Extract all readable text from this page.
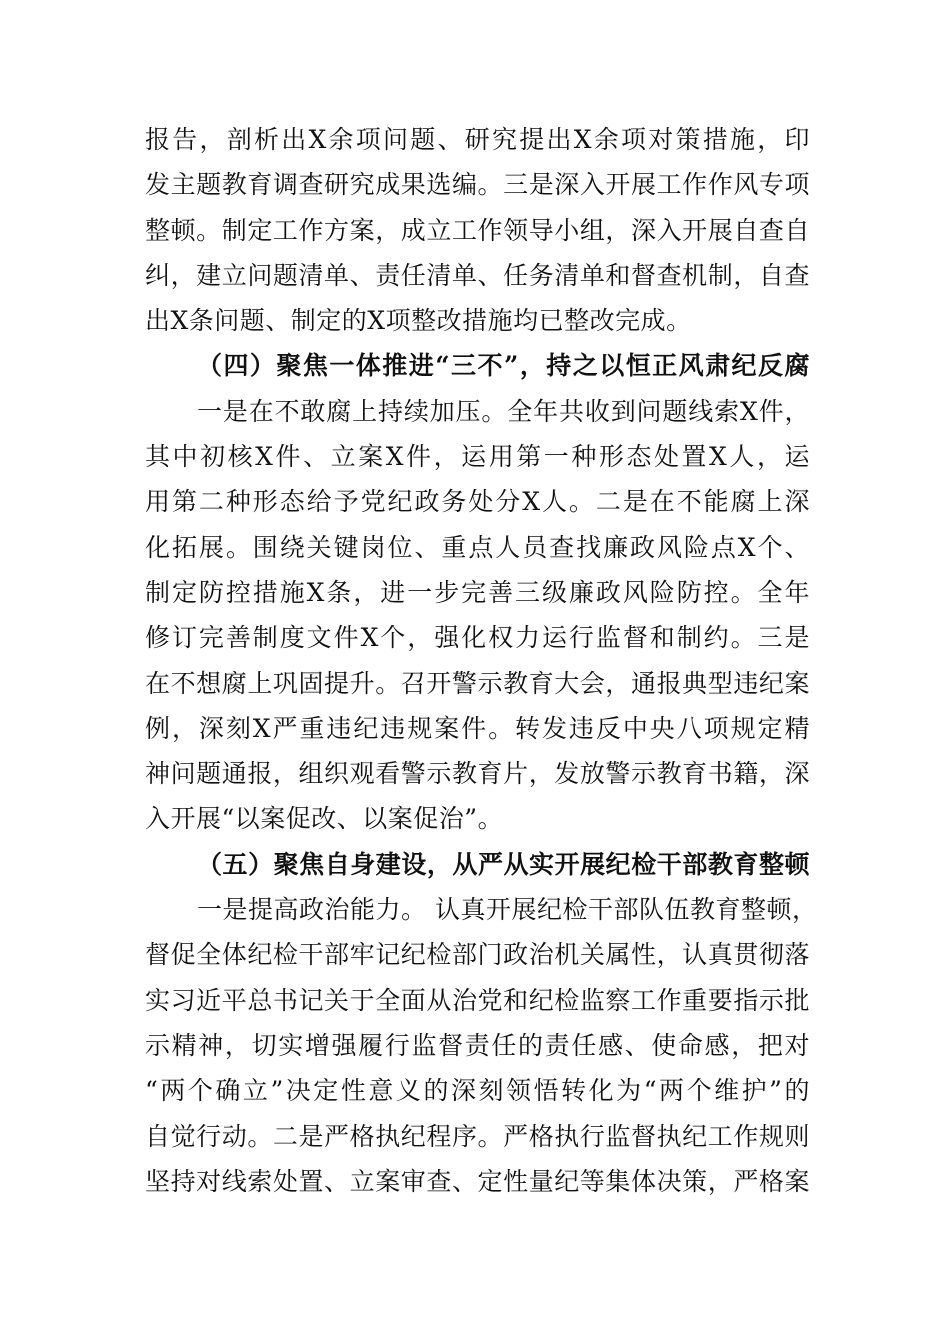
报告，剖析出X余项问题、研究提出X余项对策措施，印
发主题教育调查研究成果选编。三是深入开展工作作风专项
整顿。制定工作方案，成立工作领导小组，深入开展自查自
纠，建立问题清单、责任清单、任务清单和督查机制，自查
出X条问题、制定的X项整改措施均已整改完成。
（四）聚焦一体推进“三不”，持之以恒正风肃纪反腐
一是在不敢腐上持续加压。全年共收到问题线索X件，
其中初核X件、立案X件，运用第一种形态处置X人，运
用第二种形态给予党纪政务处分X人。二是在不能腐上深
化拓展。围绕关键岗位、重点人员查找廉政风险点X个、
制定防控措施X条，进一步完善三级廉政风险防控。全年
修订完善制度文件X个，强化权力运行监督和制约。三是
在不想腐上巩固提升。召开警示教育大会，通报典型违纪案
例，深刻X严重违纪违规案件。转发违反中央八项规定精
神问题通报，组织观看警示教育片，发放警示教育书籍，深
入开展“以案促改、以案促治”。
（五）聚焦自身建设，从严从实开展纪检干部教育整顿
一是提高政治能力。 认真开展纪检干部队伍教育整顿，
督促全体纪检干部牢记纪检部门政治机关属性，认真贯彻落
实习近平总书记关于全面从治党和纪检监察工作重要指示批
示精神，切实增强履行监督责任的责任感、使命感，把对
“两个确立”决定性意义的深刻领悟转化为“两个维护”的
自觉行动。二是严格执纪程序。严格执行监督执纪工作规则
坚持对线索处置、立案审查、定性量纪等集体决策，严格案
